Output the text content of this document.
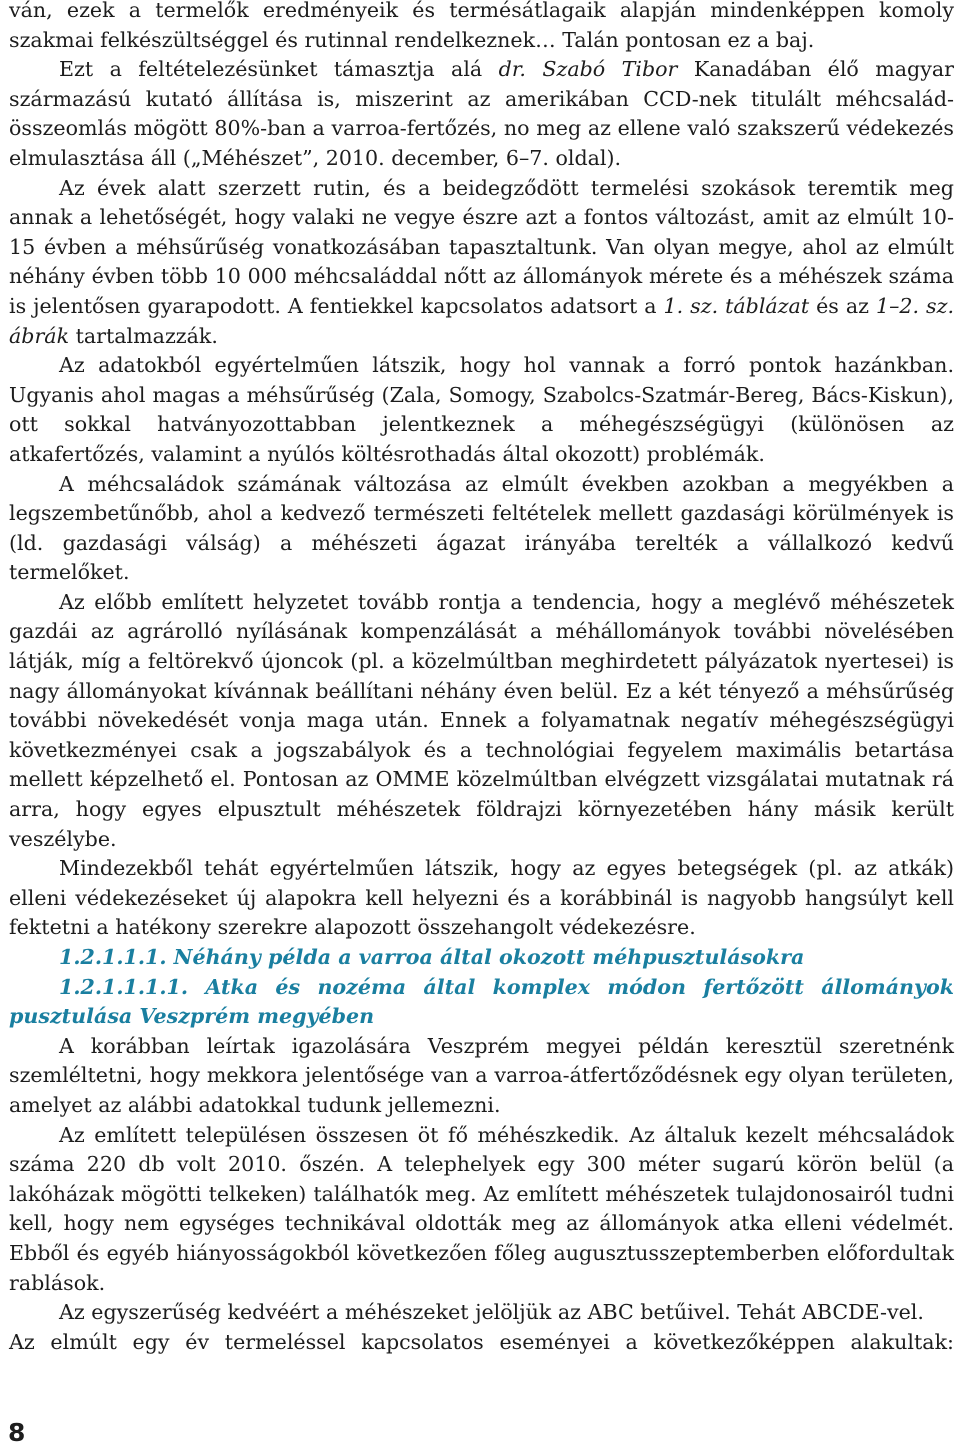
ván, ezek a termelők eredményeik és termésátlagaik alapján mindenképpen komoly szakmai felkészültséggel és rutinnal rendelkeznek… Talán pontosan ez a baj.

Ezt a feltételezésünket támasztja alá dr. Szabó Tibor Kanadában élő magyar származású kutató állítása is, miszerint az amerikában CCD-nek titulált méhcsalád-összeomlás mögött 80%-ban a varroa-fertőzés, no meg az ellene való szakszerű védekezés elmulasztása áll („Méhészet”, 2010. december, 6–7. oldal).

Az évek alatt szerzett rutin, és a beidegződött termelési szokások teremtik meg annak a lehetőségét, hogy valaki ne vegye észre azt a fontos változást, amit az elmúlt 10-15 évben a méhsűrűség vonatkozásában tapasztaltunk. Van olyan megye, ahol az elmúlt néhány évben több 10 000 méhcsaláddal nőtt az állományok mérete és a méhészek száma is jelentősen gyarapodott. A fentiekkel kapcsolatos adatsort a 1. sz. táblázat és az 1–2. sz. ábrák tartalmazzák.

Az adatokból egyértelműen látszik, hogy hol vannak a forró pontok hazánkban. Ugyanis ahol magas a méhsűrűség (Zala, Somogy, Szabolcs-Szatmár-Bereg, Bács-Kiskun), ott sokkal hatványozottabban jelentkeznek a méhegészségügyi (különösen az atkafertőzés, valamint a nyúlós költésrothadás által okozott) problémák.

A méhcsaládok számának változása az elmúlt években azokban a megyékben a legszembetűnőbb, ahol a kedvező természeti feltételek mellett gazdasági körülmények is (ld. gazdasági válság) a méhészeti ágazat irányába terelték a vállalkozó kedvű termelőket.

Az előbb említett helyzetet tovább rontja a tendencia, hogy a meglévő méhészetek gazdái az agrárolló nyílásának kompenzálását a méhállományok további növelésében látják, míg a feltörekvő újoncok (pl. a közelmúltban meghirdetett pályázatok nyertesei) is nagy állományokat kívánnak beállítani néhány éven belül. Ez a két tényező a méhsűrűség további növekedését vonja maga után. Ennek a folyamatnak negatív méhegészségügyi következményei csak a jogszabályok és a technológiai fegyelem maximális betartása mellett képzelhető el. Pontosan az OMME közelmúltban elvégzett vizsgálatai mutatnak rá arra, hogy egyes elpusztult méhészetek földrajzi környezetében hány másik került veszélybe.

Mindezekből tehát egyértelműen látszik, hogy az egyes betegségek (pl. az atkák) elleni védekezéseket új alapokra kell helyezni és a korábbinál is nagyobb hangsúlyt kell fektetni a hatékony szerekre alapozott összehangolt védekezésre.

1.2.1.1.1. Néhány példa a varroa által okozott méhpusztulásokra

1.2.1.1.1.1. Atka és nozéma által komplex módon fertőzött állományok pusztulása Veszprém megyében

A korábban leírtak igazolására Veszprém megyei példán keresztül szeretnénk szemléltetni, hogy mekkora jelentősége van a varroa-átfertőződésnek egy olyan területen, amelyet az alábbi adatokkal tudunk jellemezni.

Az említett településen összesen öt fő méhészkedik. Az általuk kezelt méhcsaládok száma 220 db volt 2010. őszén. A telephelyek egy 300 méter sugarú körön belül (a lakóházak mögötti telkeken) találhatók meg. Az említett méhészetek tulajdonosairól tudni kell, hogy nem egységes technikával oldották meg az állományok atka elleni védelmét. Ebből és egyéb hiányosságokból következően főleg augusztusszeptemberben előfordultak rablások.

Az egyszerűség kedvéért a méhészeket jelöljük az ABC betűivel. Tehát ABCDE-vel.

Az elmúlt egy év termeléssel kapcsolatos eseményei a következőképpen alakultak:

8
